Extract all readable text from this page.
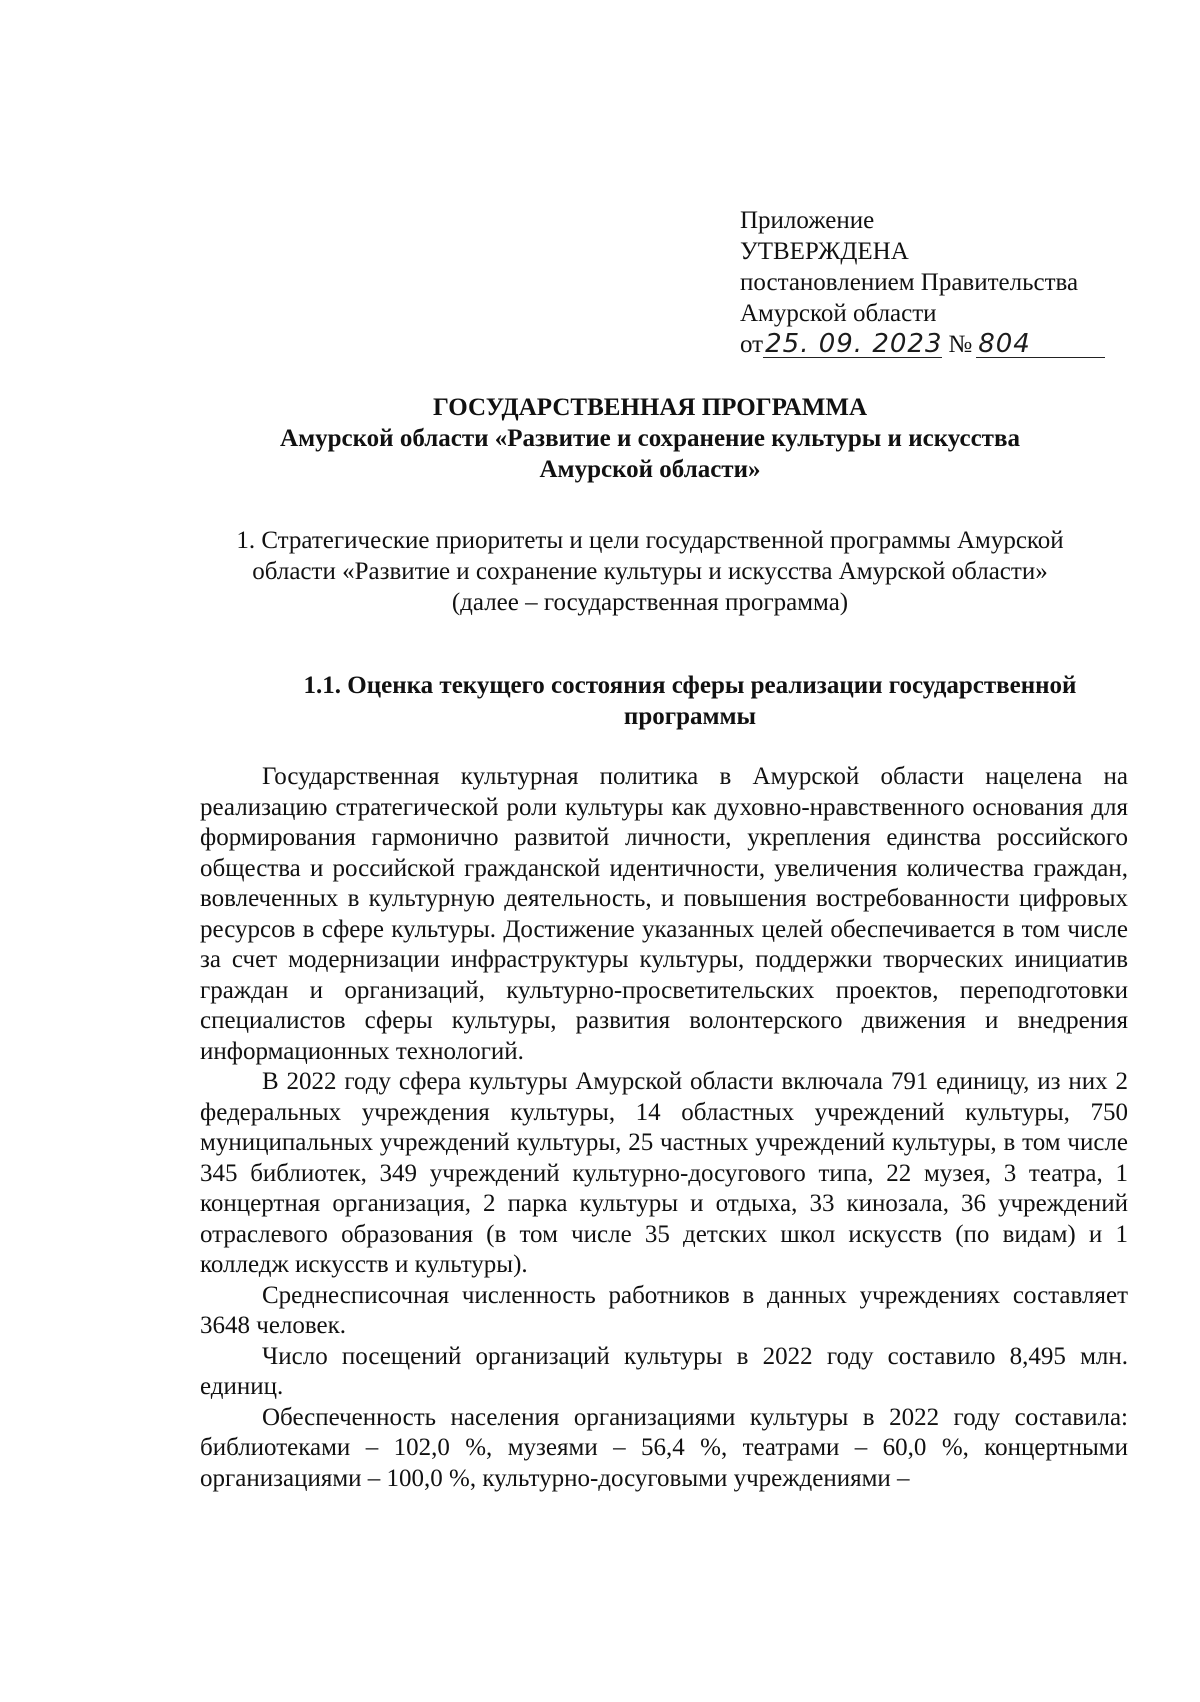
Приложение
УТВЕРЖДЕНА
постановлением Правительства
Амурской области
от25. 09. 2023 № 804
ГОСУДАРСТВЕННАЯ ПРОГРАММА
Амурской области «Развитие и сохранение культуры и искусства
Амурской области»
1. Стратегические приоритеты и цели государственной программы Амурской
области «Развитие и сохранение культуры и искусства Амурской области»
(далее – государственная программа)
1.1. Оценка текущего состояния сферы реализации государственной
программы

Государственная культурная политика в Амурской области нацелена на реализацию стратегической роли культуры как духовно-нравственного основания для формирования гармонично развитой личности, укрепления единства российского общества и российской гражданской идентичности, увеличения количества граждан, вовлеченных в культурную деятельность, и повышения востребованности цифровых ресурсов в сфере культуры. Достижение указанных целей обеспечивается в том числе за счет модернизации инфраструктуры культуры, поддержки творческих инициатив граждан и организаций, культурно-просветительских проектов, переподготовки специалистов сферы культуры, развития волонтерского движения и внедрения информационных технологий.

В 2022 году сфера культуры Амурской области включала 791 единицу, из них 2 федеральных учреждения культуры, 14 областных учреждений культуры, 750 муниципальных учреждений культуры, 25 частных учреждений культуры, в том числе 345 библиотек, 349 учреждений культурно-досугового типа, 22 музея, 3 театра, 1 концертная организация, 2 парка культуры и отдыха, 33 кинозала, 36 учреждений отраслевого образования (в том числе 35 детских школ искусств (по видам) и 1 колледж искусств и культуры).

Среднесписочная численность работников в данных учреждениях составляет 3648 человек.

Число посещений организаций культуры в 2022 году составило 8,495 млн. единиц.

Обеспеченность населения организациями культуры в 2022 году составила: библиотеками – 102,0 %, музеями – 56,4 %, театрами – 60,0 %, концертными организациями – 100,0 %, культурно-досуговыми учреждениями –
